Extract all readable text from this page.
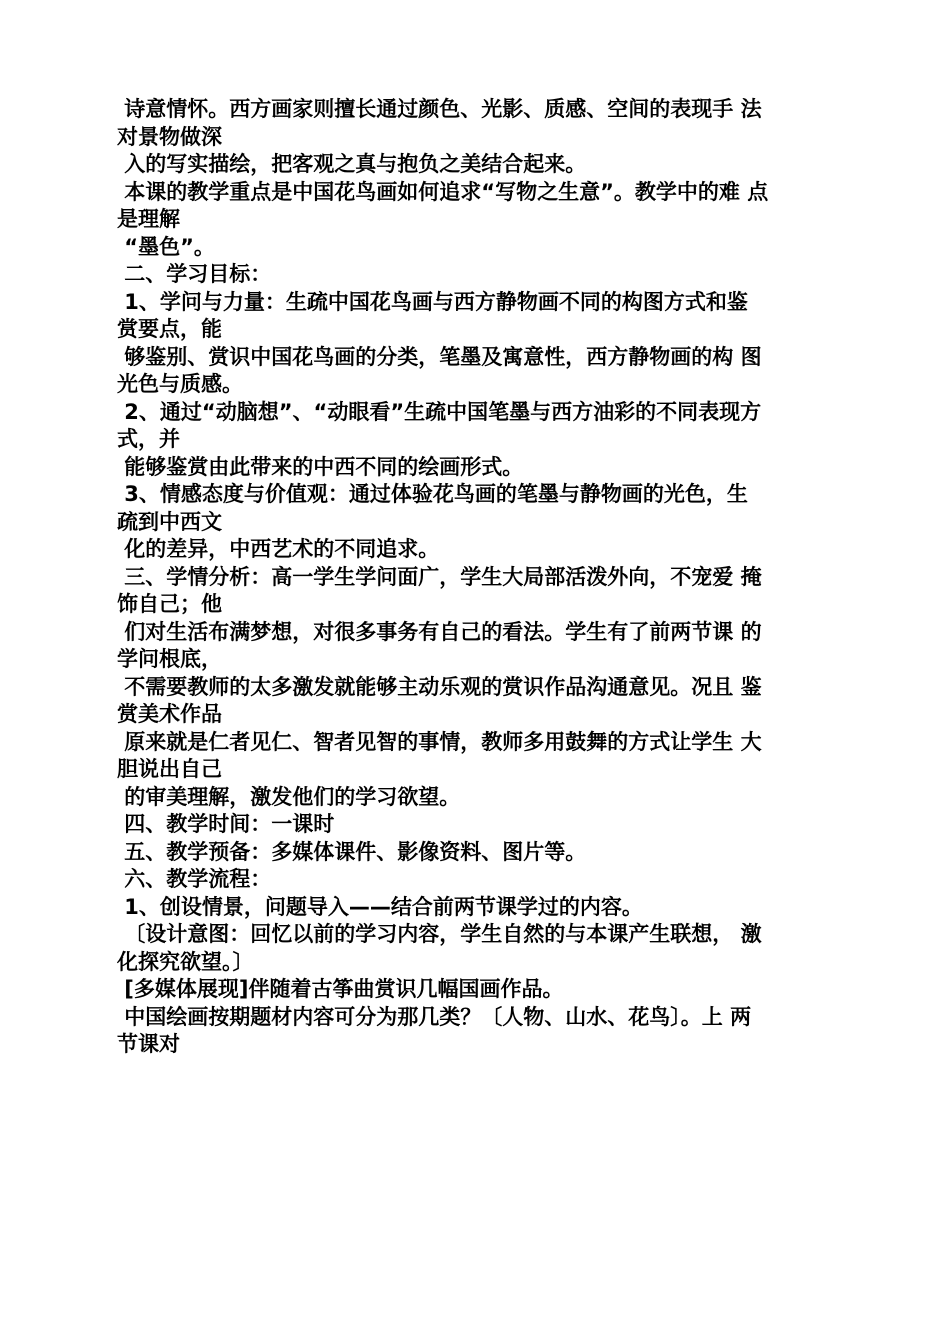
诗意情怀。西方画家则擅长通过颜色、光影、质感、空间的表现手 法
对景物做深
入的写实描绘，把客观之真与抱负之美结合起来。
本课的教学重点是中国花鸟画如何追求“写物之生意”。教学中的难 点
是理解
“墨色”。
二、学习目标：
1、学问与力量：生疏中国花鸟画与西方静物画不同的构图方式和鉴
赏要点，能
够鉴别、赏识中国花鸟画的分类，笔墨及寓意性，西方静物画的构 图
光色与质感。
2、通过“动脑想”、“动眼看”生疏中国笔墨与西方油彩的不同表现方
式，并
能够鉴赏由此带来的中西不同的绘画形式。
3、情感态度与价值观：通过体验花鸟画的笔墨与静物画的光色，生
疏到中西文
化的差异，中西艺术的不同追求。
三、学情分析：高一学生学问面广，学生大局部活泼外向，不宠爱 掩
饰自己；他
们对生活布满梦想，对很多事务有自己的看法。学生有了前两节课 的
学问根底，
不需要教师的太多激发就能够主动乐观的赏识作品沟通意见。况且 鉴
赏美术作品
原来就是仁者见仁、智者见智的事情，教师多用鼓舞的方式让学生 大
胆说出自己
的审美理解，激发他们的学习欲望。
四、教学时间：一课时
五、教学预备：多媒体课件、影像资料、图片等。
六、教学流程：
1、创设情景，问题导入——结合前两节课学过的内容。
〔设计意图：回忆以前的学习内容，学生自然的与本课产生联想， 激
化探究欲望。〕
[多媒体展现]伴随着古筝曲赏识几幅国画作品。
中国绘画按期题材内容可分为那几类？〔人物、山水、花鸟〕。上 两
节课对
